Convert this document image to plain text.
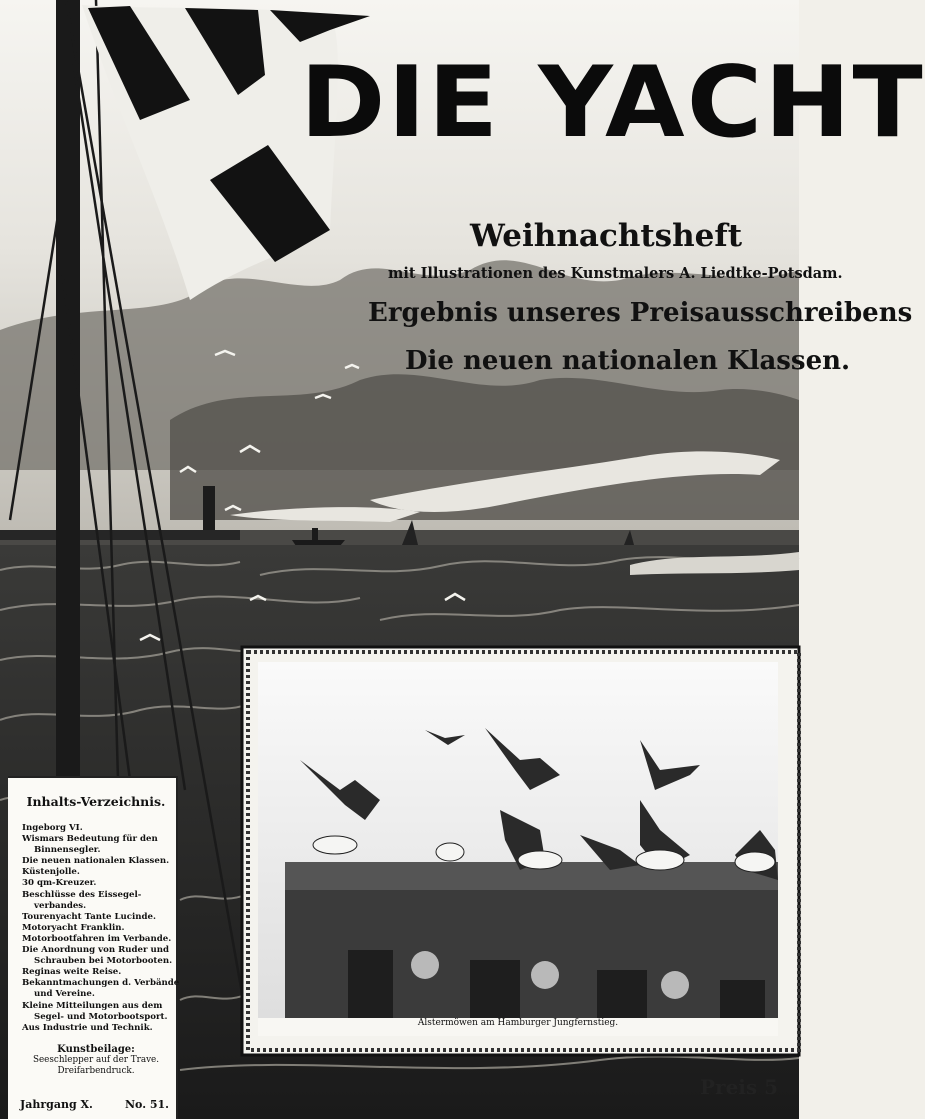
DIE YACHT
Weihnachtsheft
mit Illustrationen des Kunstmalers A. Liedtke-Potsdam.
Ergebnis unseres Preisausschreibens
Die neuen nationalen Klassen.
Alstermöwen am Hamburger Jungfernstieg.
Inhalts-Verzeichnis.
Ingeborg VI.
Wismars Bedeutung für den
Binnensegler.
Die neuen nationalen Klassen.
Küstenjolle.
30 qm-Kreuzer.
Beschlüsse des Eissegel-
verbandes.
Tourenyacht Tante Lucinde.
Motoryacht Franklin.
Motorbootfahren im Verbande.
Die Anordnung von Ruder und
Schrauben bei Motorbooten.
Reginas weite Reise.
Bekanntmachungen d. Verbände
und Vereine.
Kleine Mitteilungen aus dem
Segel- und Motorbootsport.
Aus Industrie und Technik.
Kunstbeilage:
Seeschlepper auf der Trave.
Dreifarbendruck.
Jahrgang X.	No. 51.
Preis 5
